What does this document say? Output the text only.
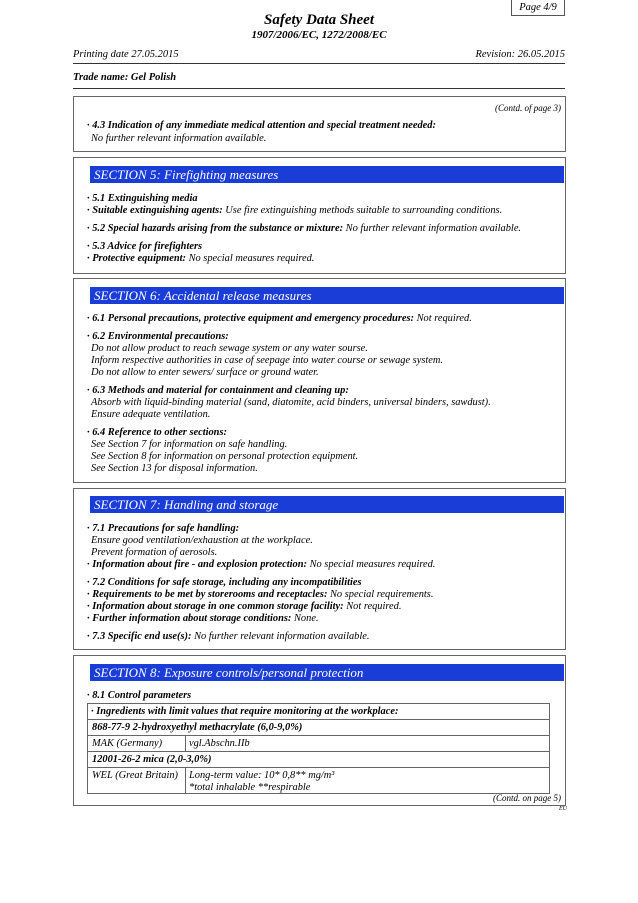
Page 4/9
Safety Data Sheet
1907/2006/EC, 1272/2008/EC
Printing date 27.05.2015	Revision: 26.05.2015
Trade name: Gel Polish
(Contd. of page 3)
· 4.3 Indication of any immediate medical attention and special treatment needed:
No further relevant information available.
SECTION 5: Firefighting measures
· 5.1 Extinguishing media
· Suitable extinguishing agents: Use fire extinguishing methods suitable to surrounding conditions.
· 5.2 Special hazards arising from the substance or mixture: No further relevant information available.
· 5.3 Advice for firefighters
· Protective equipment: No special measures required.
SECTION 6: Accidental release measures
· 6.1 Personal precautions, protective equipment and emergency procedures: Not required.
· 6.2 Environmental precautions:
Do not allow product to reach sewage system or any water sourse.
Inform respective authorities in case of seepage into water course or sewage system.
Do not allow to enter sewers/ surface or ground water.
· 6.3 Methods and material for containment and cleaning up:
Absorb with liquid-binding material (sand, diatomite, acid binders, universal binders, sawdust).
Ensure adequate ventilation.
· 6.4 Reference to other sections:
See Section 7 for information on safe handling.
See Section 8 for information on personal protection equipment.
See Section 13 for disposal information.
SECTION 7: Handling and storage
· 7.1 Precautions for safe handling:
Ensure good ventilation/exhaustion at the workplace.
Prevent formation of aerosols.
· Information about fire - and explosion protection: No special measures required.
· 7.2 Conditions for safe storage, including any incompatibilities
· Requirements to be met by storerooms and receptacles: No special requirements.
· Information about storage in one common storage facility: Not required.
· Further information about storage conditions: None.
· 7.3 Specific end use(s): No further relevant information available.
SECTION 8: Exposure controls/personal protection
· 8.1 Control parameters
· Ingredients with limit values that require monitoring at the workplace:
868-77-9 2-hydroxyethyl methacrylate (6,0-9,0%)
MAK (Germany)	vgl.Abschn.IIb
12001-26-2 mica (2,0-3,0%)
WEL (Great Britain)	Long-term value: 10* 0,8** mg/m³
*total inhalable **respirable
(Contd. on page 5)
EU
